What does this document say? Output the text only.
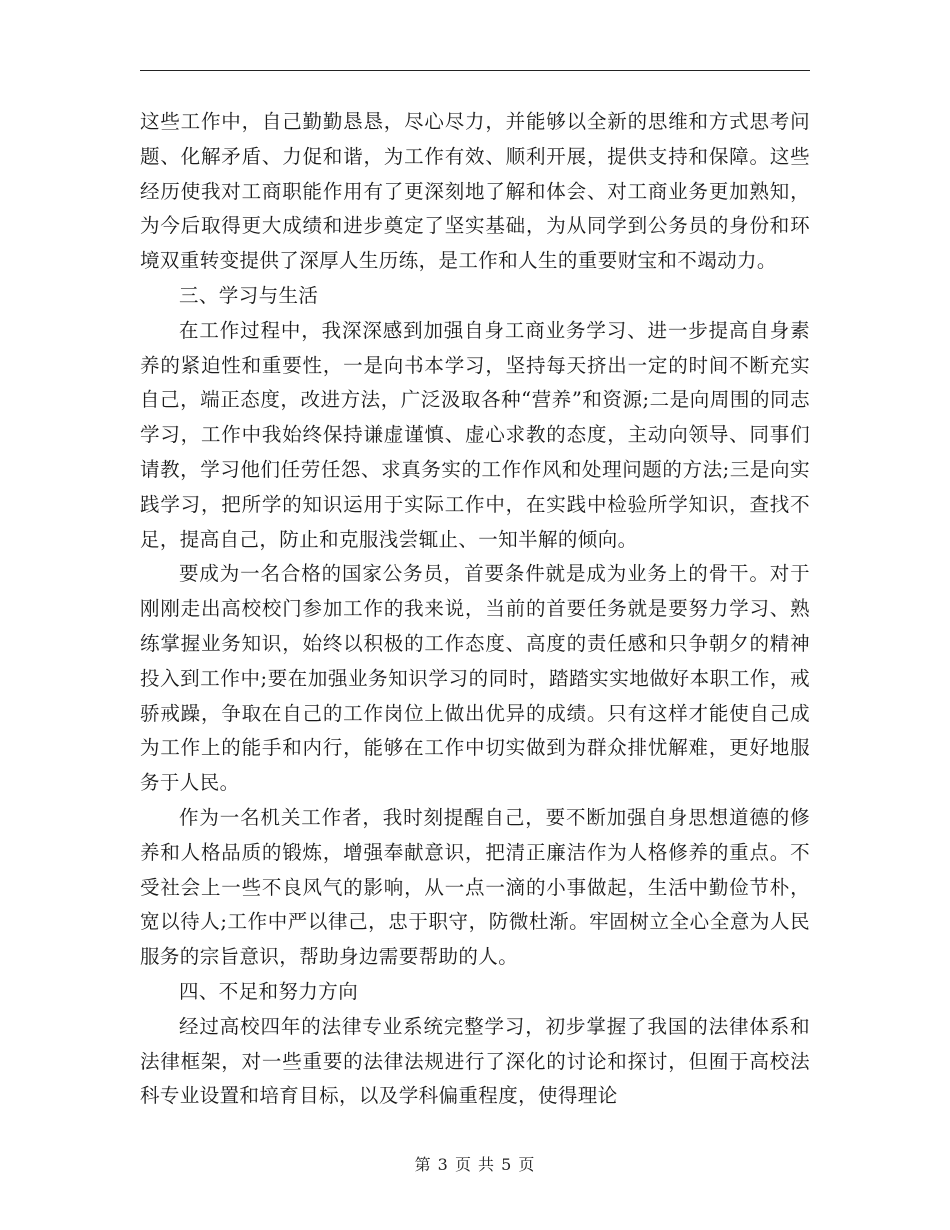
这些工作中，自己勤勤恳恳，尽心尽力，并能够以全新的思维和方式思考问题、化解矛盾、力促和谐，为工作有效、顺利开展，提供支持和保障。这些经历使我对工商职能作用有了更深刻地了解和体会、对工商业务更加熟知，为今后取得更大成绩和进步奠定了坚实基础，为从同学到公务员的身份和环境双重转变提供了深厚人生历练，是工作和人生的重要财宝和不竭动力。

三、学习与生活

在工作过程中，我深深感到加强自身工商业务学习、进一步提高自身素养的紧迫性和重要性，一是向书本学习，坚持每天挤出一定的时间不断充实自己，端正态度，改进方法，广泛汲取各种“营养”和资源;二是向周围的同志学习，工作中我始终保持谦虚谨慎、虚心求教的态度，主动向领导、同事们请教，学习他们任劳任怨、求真务实的工作作风和处理问题的方法;三是向实践学习，把所学的知识运用于实际工作中，在实践中检验所学知识，查找不足，提高自己，防止和克服浅尝辄止、一知半解的倾向。

要成为一名合格的国家公务员，首要条件就是成为业务上的骨干。对于刚刚走出高校校门参加工作的我来说，当前的首要任务就是要努力学习、熟练掌握业务知识，始终以积极的工作态度、高度的责任感和只争朝夕的精神投入到工作中;要在加强业务知识学习的同时，踏踏实实地做好本职工作，戒骄戒躁，争取在自己的工作岗位上做出优异的成绩。只有这样才能使自己成为工作上的能手和内行，能够在工作中切实做到为群众排忧解难，更好地服务于人民。

作为一名机关工作者，我时刻提醒自己，要不断加强自身思想道德的修养和人格品质的锻炼，增强奉献意识，把清正廉洁作为人格修养的重点。不受社会上一些不良风气的影响，从一点一滴的小事做起，生活中勤俭节朴，宽以待人;工作中严以律己，忠于职守，防微杜渐。牢固树立全心全意为人民服务的宗旨意识，帮助身边需要帮助的人。

四、不足和努力方向

经过高校四年的法律专业系统完整学习，初步掌握了我国的法律体系和法律框架，对一些重要的法律法规进行了深化的讨论和探讨，但囿于高校法科专业设置和培育目标，以及学科偏重程度，使得理论

第 3 页 共 5 页
